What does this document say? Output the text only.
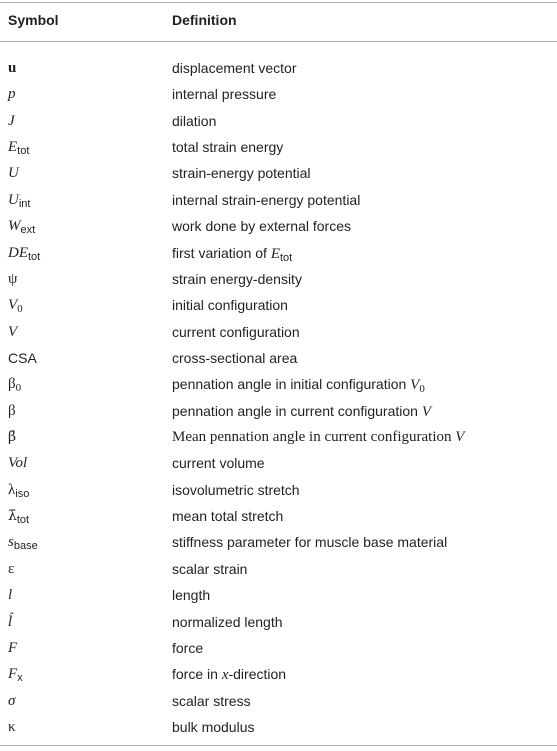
Symbol	Definition
u	displacement vector
p	internal pressure
J	dilation
Etot	total strain energy
U	strain-energy potential
Uint	internal strain-energy potential
Wext	work done by external forces
DEtot	first variation of $E_{tot}$
ψ	strain energy-density
V0	initial configuration
V	current configuration
CSA	cross-sectional area
β0	pennation angle in initial configuration $V_0$
β	pennation angle in current configuration V
β̄	Mean pennation angle in current configuration V
Vol	current volume
λiso	isovolumetric stretch
λ̄tot	mean total stretch
sbase	stiffness parameter for muscle base material
ε	scalar strain
l	length
l̂	normalized length
F	force
Fx	force in x-direction
σ	scalar stress
κ	bulk modulus
